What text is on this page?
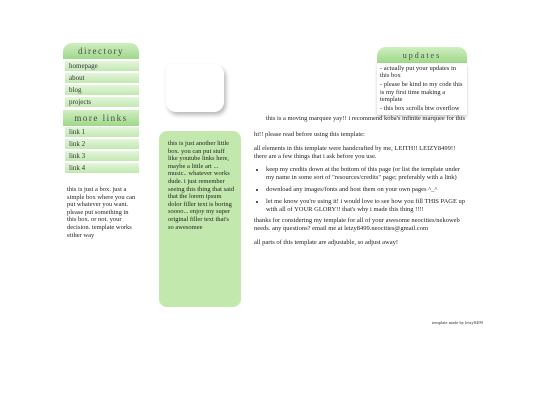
directory
homepage
about
blog
projects
more links
link 1
link 2
link 3
link 4
this is just a box. just a simple box where you can put whatever you want. please put something in this box. or not. your decision. template works either way
this is just another little box. you can put stuff like youtube links here, maybe a little art ... music.. whatever works dude. i just remember seeing this thing that said that the lorem ipsum dolor filler text is boring soooo... enjoy my super original filler text that's so awesomee
updates

- actually put your updates in this box

- please be kind to my code this is my first time making a template

- this box scrolls btw overflow

this is a moving marquee yay!! i recommend koba's infinite marquee for this

hi!! please read before using this template:

all elements in this template were handcrafted by me, LEITH!! LEIZY8499!! there are a few things that i ask before you use.

• keep my credits down at the bottom of this page (or list the template under my name in some sort of "resources/credits" page; preferably with a link)
• download any images/fonts and host them on your own pages ^_^
• let me know you're using it! i would love to see how you fill THIS PAGE up with all of YOUR GLORY!! that's why i made this thing !!!!

thanks for considering my template for all of your awesome neocities/nekoweb needs. any questions? email me at leizy8499.neocities@gmail.com

all parts of this template are adjustable, so adjust away!

template made by leizy8499
